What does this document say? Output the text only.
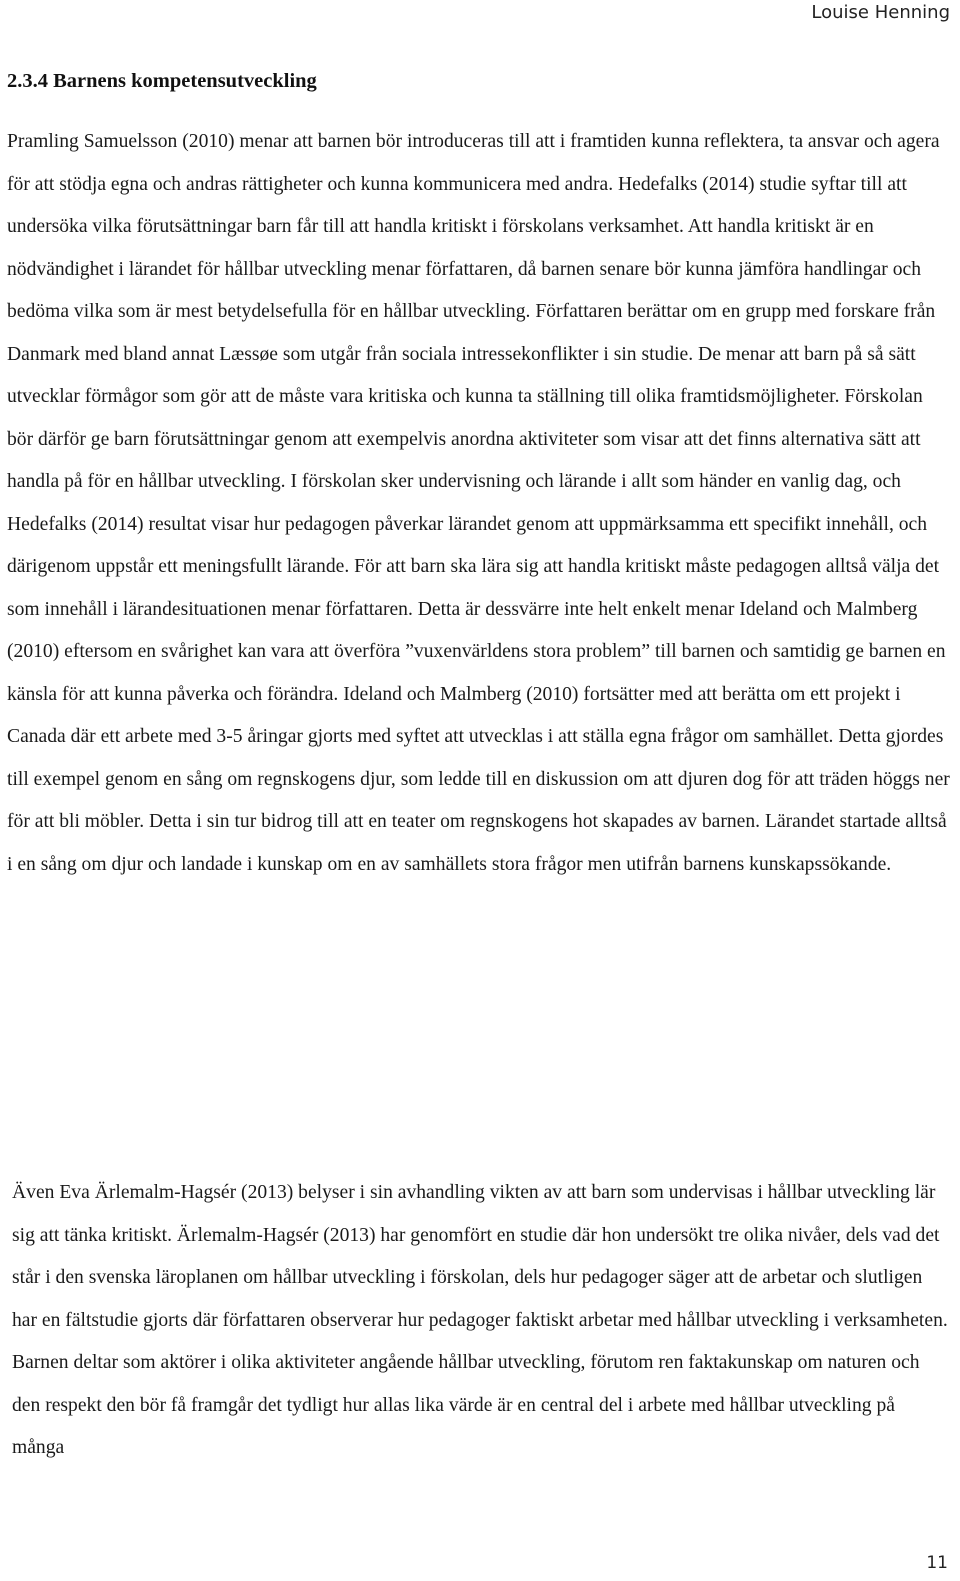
Louise Henning
2.3.4 Barnens kompetensutveckling

Pramling Samuelsson (2010) menar att barnen bör introduceras till att i framtiden kunna reflektera, ta ansvar och agera för att stödja egna och andras rättigheter och kunna kommunicera med andra. Hedefalks (2014) studie syftar till att undersöka vilka förutsättningar barn får till att handla kritiskt i förskolans verksamhet. Att handla kritiskt är en nödvändighet i lärandet för hållbar utveckling menar författaren, då barnen senare bör kunna jämföra handlingar och bedöma vilka som är mest betydelsefulla för en hållbar utveckling. Författaren berättar om en grupp med forskare från Danmark med bland annat Læssøe som utgår från sociala intressekonflikter i sin studie. De menar att barn på så sätt utvecklar förmågor som gör att de måste vara kritiska och kunna ta ställning till olika framtidsmöjligheter. Förskolan bör därför ge barn förutsättningar genom att exempelvis anordna aktiviteter som visar att det finns alternativa sätt att handla på för en hållbar utveckling. I förskolan sker undervisning och lärande i allt som händer en vanlig dag, och Hedefalks (2014) resultat visar hur pedagogen påverkar lärandet genom att uppmärksamma ett specifikt innehåll, och därigenom uppstår ett meningsfullt lärande. För att barn ska lära sig att handla kritiskt måste pedagogen alltså välja det som innehåll i lärandesituationen menar författaren. Detta är dessvärre inte helt enkelt menar Ideland och Malmberg (2010) eftersom en svårighet kan vara att överföra ”vuxenvärldens stora problem” till barnen och samtidig ge barnen en känsla för att kunna påverka och förändra. Ideland och Malmberg (2010) fortsätter med att berätta om ett projekt i Canada där ett arbete med 3-5 åringar gjorts med syftet att utvecklas i att ställa egna frågor om samhället. Detta gjordes till exempel genom en sång om regnskogens djur, som ledde till en diskussion om att djuren dog för att träden höggs ner för att bli möbler. Detta i sin tur bidrog till att en teater om regnskogens hot skapades av barnen. Lärandet startade alltså i en sång om djur och landade i kunskap om en av samhällets stora frågor men utifrån barnens kunskapssökande.

Även Eva Ärlemalm-Hagsér (2013) belyser i sin avhandling vikten av att barn som undervisas i hållbar utveckling lär sig att tänka kritiskt. Ärlemalm-Hagsér (2013) har genomfört en studie där hon undersökt tre olika nivåer, dels vad det står i den svenska läroplanen om hållbar utveckling i förskolan, dels hur pedagoger säger att de arbetar och slutligen har en fältstudie gjorts där författaren observerar hur pedagoger faktiskt arbetar med hållbar utveckling i verksamheten. Barnen deltar som aktörer i olika aktiviteter angående hållbar utveckling, förutom ren faktakunskap om naturen och den respekt den bör få framgår det tydligt hur allas lika värde är en central del i arbete med hållbar utveckling på många

11
